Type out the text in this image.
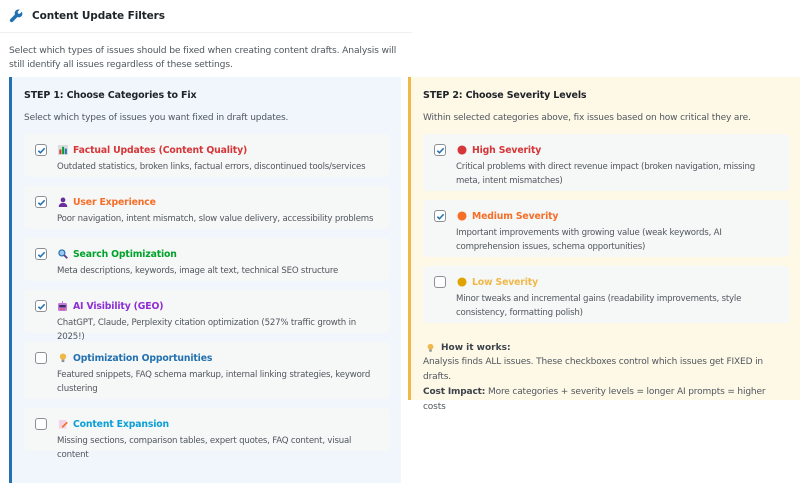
Content Update Filters
Select which types of issues should be fixed when creating content drafts. Analysis will still identify all issues regardless of these settings.
STEP 1: Choose Categories to Fix
Select which types of issues you want fixed in draft updates.
Factual Updates (Content Quality)
Outdated statistics, broken links, factual errors, discontinued tools/services
User Experience
Poor navigation, intent mismatch, slow value delivery, accessibility problems
Search Optimization
Meta descriptions, keywords, image alt text, technical SEO structure
AI Visibility (GEO)
ChatGPT, Claude, Perplexity citation optimization (527% traffic growth in 2025!)
Optimization Opportunities
Featured snippets, FAQ schema markup, internal linking strategies, keyword clustering
Content Expansion
Missing sections, comparison tables, expert quotes, FAQ content, visual content
STEP 2: Choose Severity Levels
Within selected categories above, fix issues based on how critical they are.
High Severity
Critical problems with direct revenue impact (broken navigation, missing meta, intent mismatches)
Medium Severity
Important improvements with growing value (weak keywords, AI comprehension issues, schema opportunities)
Low Severity
Minor tweaks and incremental gains (readability improvements, style consistency, formatting polish)
How it works:
Analysis finds ALL issues. These checkboxes control which issues get FIXED in drafts.
Cost Impact: More categories + severity levels = longer AI prompts = higher costs
